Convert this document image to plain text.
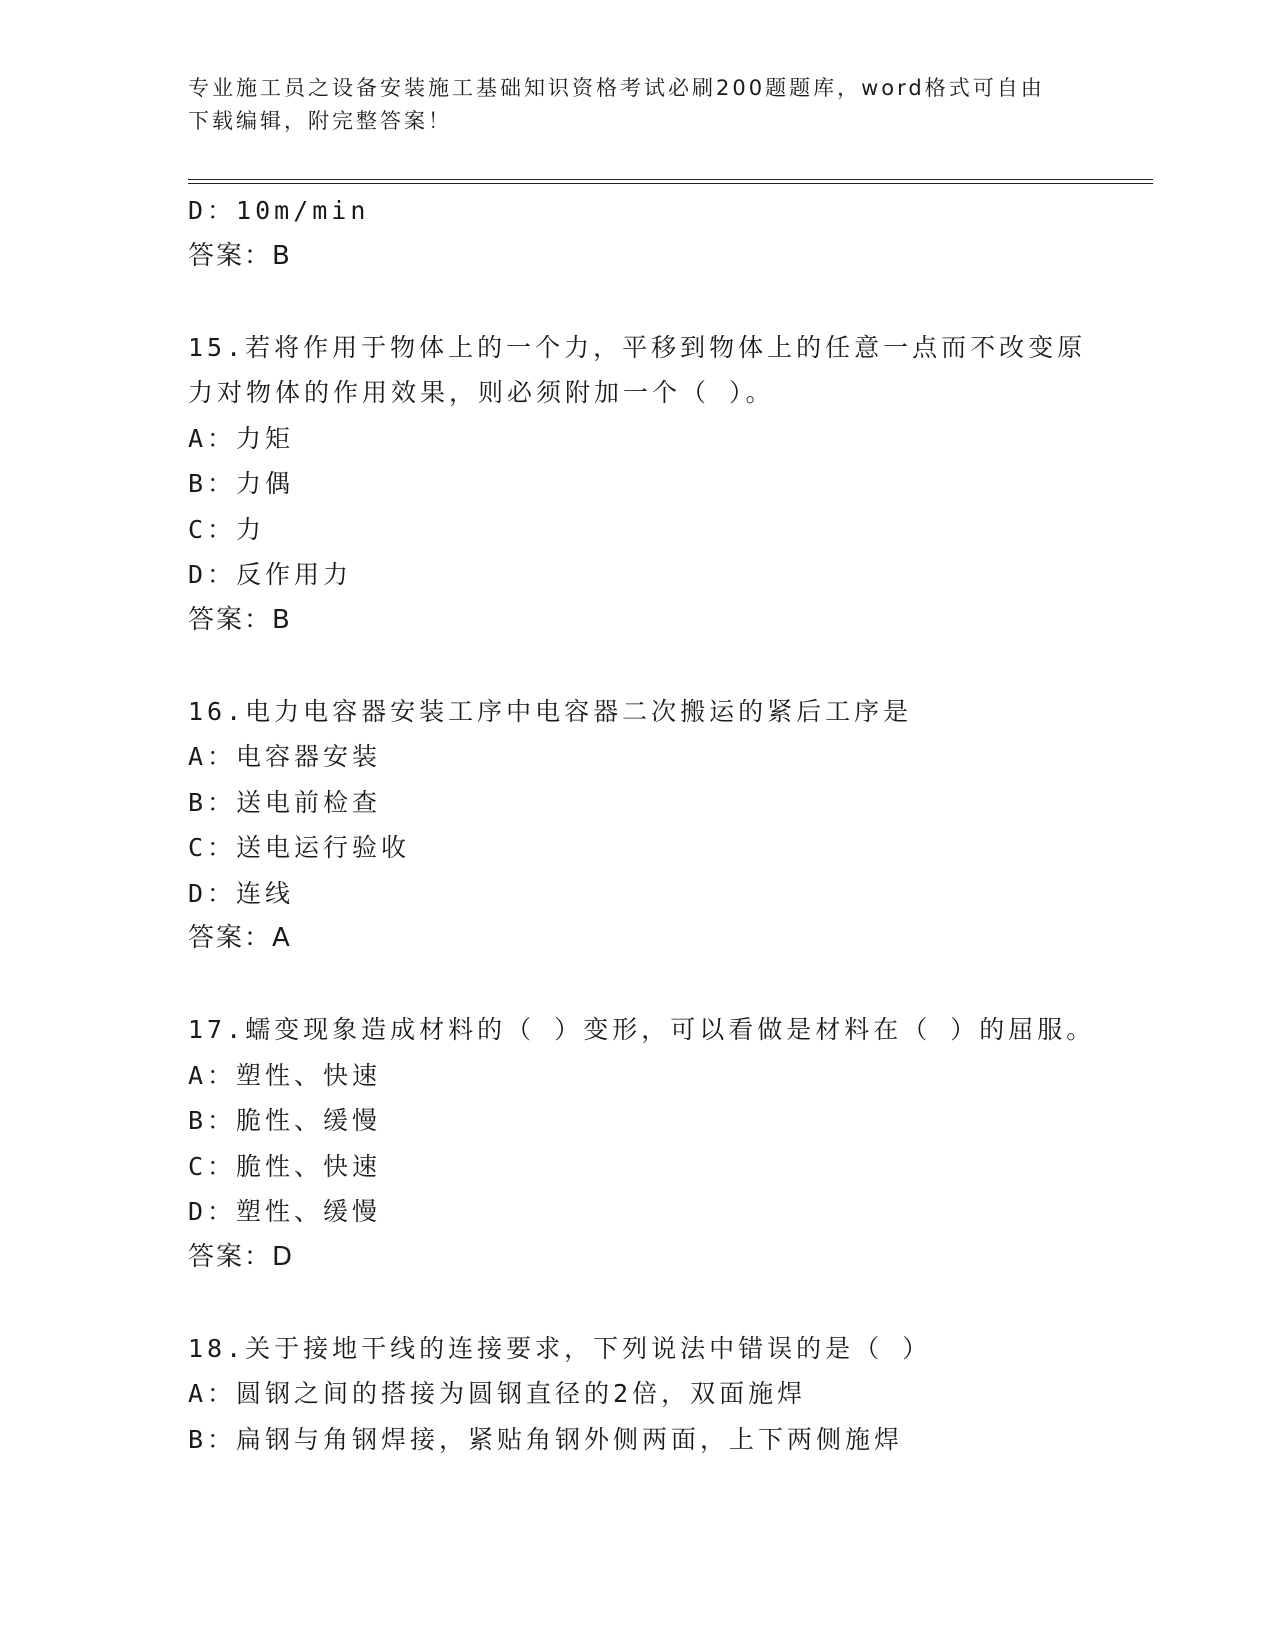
专业施工员之设备安装施工基础知识资格考试必刷200题题库，word格式可自由
下载编辑，附完整答案！
D：10m/min
答案：B
15.若将作用于物体上的一个力，平移到物体上的任意一点而不改变原
力对物体的作用效果，则必须附加一个（ ）。
A：力矩
B：力偶
C：力
D：反作用力
答案：B
16.电力电容器安装工序中电容器二次搬运的紧后工序是
A：电容器安装
B：送电前检查
C：送电运行验收
D：连线
答案：A
17.蠕变现象造成材料的（ ）变形，可以看做是材料在（ ）的屈服。
A：塑性、快速
B：脆性、缓慢
C：脆性、快速
D：塑性、缓慢
答案：D
18.关于接地干线的连接要求，下列说法中错误的是（ ）
A：圆钢之间的搭接为圆钢直径的2倍，双面施焊
B：扁钢与角钢焊接，紧贴角钢外侧两面，上下两侧施焊
